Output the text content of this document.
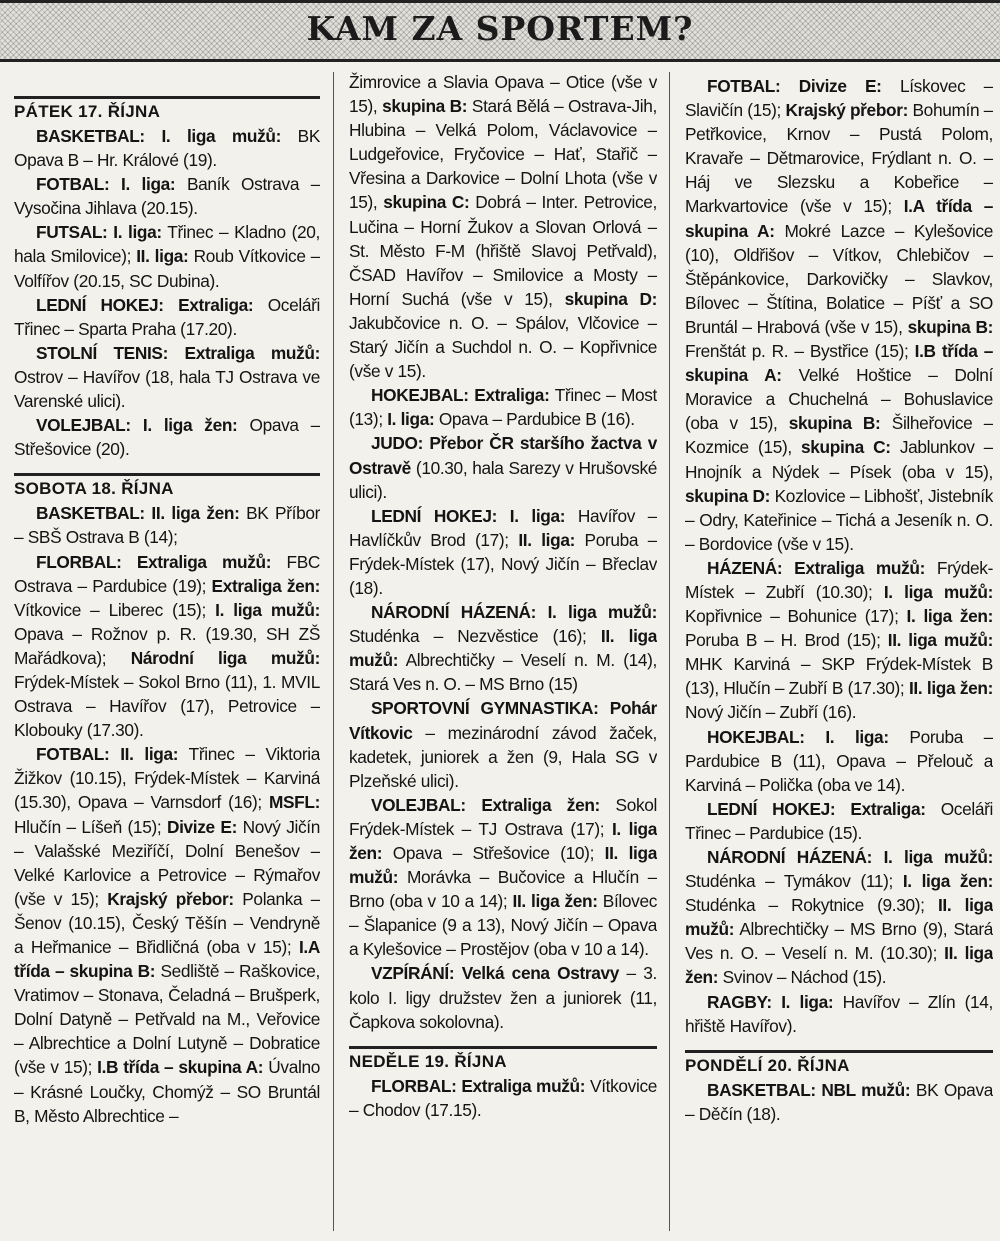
KAM ZA SPORTEM?
PÁTEK 17. ŘÍJNA

BASKETBAL: I. liga mužů: BK Opava B – Hr. Králové (19).

FOTBAL: I. liga: Baník Ostrava – Vysočina Jihlava (20.15).

FUTSAL: I. liga: Třinec – Kladno (20, hala Smilovice); II. liga: Roub Vítkovice – Volfířov (20.15, SC Dubina).

LEDNÍ HOKEJ: Extraliga: Oceláři Třinec – Sparta Praha (17.20).

STOLNÍ TENIS: Extraliga mužů: Ostrov – Havířov (18, hala TJ Ostrava ve Varenské ulici).

VOLEJBAL: I. liga žen: Opava – Střešovice (20).

SOBOTA 18. ŘÍJNA

BASKETBAL: II. liga žen: BK Příbor – SBŠ Ostrava B (14);

FLORBAL: Extraliga mužů: FBC Ostrava – Pardubice (19); Extraliga žen: Vítkovice – Liberec (15); I. liga mužů: Opava – Rožnov p. R. (19.30, SH ZŠ Mařádkova); Národní liga mužů: Frýdek-Místek – Sokol Brno (11), 1. MVIL Ostrava – Havířov (17), Petrovice – Klobouky (17.30).

FOTBAL: II. liga: Třinec – Viktoria Žižkov (10.15), Frýdek-Místek – Karviná (15.30), Opava – Varnsdorf (16); MSFL: Hlučín – Líšeň (15); Divize E: Nový Jičín – Valašské Meziříčí, Dolní Benešov – Velké Karlovice a Petrovice – Rýmařov (vše v 15); Krajský přebor: Polanka – Šenov (10.15), Český Těšín – Vendryně a Heřmanice – Břidličná (oba v 15); I.A třída – skupina B: Sedliště – Raškovice, Vratimov – Stonava, Čeladná – Brušperk, Dolní Datyně – Petřvald na M., Veřovice – Albrechtice a Dolní Lutyně – Dobratice (vše v 15); I.B třída – skupina A: Úvalno – Krásné Loučky, Chomýž – SO Bruntál B, Město Albrechtice –

Žimrovice a Slavia Opava – Otice (vše v 15), skupina B: Stará Bělá – Ostrava-Jih, Hlubina – Velká Polom, Václavovice – Ludgeřovice, Fryčovice – Hať, Stařič – Vřesina a Darkovice – Dolní Lhota (vše v 15), skupina C: Dobrá – Inter. Petrovice, Lučina – Horní Žukov a Slovan Orlová – St. Město F-M (hřiště Slavoj Petřvald), ČSAD Havířov – Smilovice a Mosty – Horní Suchá (vše v 15), skupina D: Jakubčovice n. O. – Spálov, Vlčovice – Starý Jičín a Suchdol n. O. – Kopřivnice (vše v 15).

HOKEJBAL: Extraliga: Třinec – Most (13); I. liga: Opava – Pardubice B (16).

JUDO: Přebor ČR staršího žactva v Ostravě (10.30, hala Sarezy v Hrušovské ulici).

LEDNÍ HOKEJ: I. liga: Havířov – Havlíčkův Brod (17); II. liga: Poruba – Frýdek-Místek (17), Nový Jičín – Břeclav (18).

NÁRODNÍ HÁZENÁ: I. liga mužů: Studénka – Nezvěstice (16); II. liga mužů: Albrechtičky – Veselí n. M. (14), Stará Ves n. O. – MS Brno (15)

SPORTOVNÍ GYMNASTIKA: Pohár Vítkovic – mezinárodní závod žaček, kadetek, juniorek a žen (9, Hala SG v Plzeňské ulici).

VOLEJBAL: Extraliga žen: Sokol Frýdek-Místek – TJ Ostrava (17); I. liga žen: Opava – Střešovice (10); II. liga mužů: Morávka – Bučovice a Hlučín – Brno (oba v 10 a 14); II. liga žen: Bílovec – Šlapanice (9 a 13), Nový Jičín – Opava a Kylešovice – Prostějov (oba v 10 a 14).

VZPÍRÁNÍ: Velká cena Ostravy – 3. kolo I. ligy družstev žen a juniorek (11, Čapkova sokolovna).

NEDĚLE 19. ŘÍJNA

FLORBAL: Extraliga mužů: Vítkovice – Chodov (17.15).

FOTBAL: Divize E: Lískovec – Slavičín (15); Krajský přebor: Bohumín – Petřkovice, Krnov – Pustá Polom, Kravaře – Dětmarovice, Frýdlant n. O. – Háj ve Slezsku a Kobeřice – Markvartovice (vše v 15); I.A třída – skupina A: Mokré Lazce – Kylešovice (10), Oldřišov – Vítkov, Chlebičov – Štěpánkovice, Darkovičky – Slavkov, Bílovec – Štítina, Bolatice – Píšť a SO Bruntál – Hrabová (vše v 15), skupina B: Frenštát p. R. – Bystřice (15); I.B třída – skupina A: Velké Hoštice – Dolní Moravice a Chuchelná – Bohuslavice (oba v 15), skupina B: Šilheřovice – Kozmice (15), skupina C: Jablunkov – Hnojník a Nýdek – Písek (oba v 15), skupina D: Kozlovice – Libhošť, Jistebník – Odry, Kateřinice – Tichá a Jeseník n. O. – Bordovice (vše v 15).

HÁZENÁ: Extraliga mužů: Frýdek-Místek – Zubří (10.30); I. liga mužů: Kopřivnice – Bohunice (17); I. liga žen: Poruba B – H. Brod (15); II. liga mužů: MHK Karviná – SKP Frýdek-Místek B (13), Hlučín – Zubří B (17.30); II. liga žen: Nový Jičín – Zubří (16).

HOKEJBAL: I. liga: Poruba – Pardubice B (11), Opava – Přelouč a Karviná – Polička (oba ve 14).

LEDNÍ HOKEJ: Extraliga: Oceláři Třinec – Pardubice (15).

NÁRODNÍ HÁZENÁ: I. liga mužů: Studénka – Tymákov (11); I. liga žen: Studénka – Rokytnice (9.30); II. liga mužů: Albrechtičky – MS Brno (9), Stará Ves n. O. – Veselí n. M. (10.30); II. liga žen: Svinov – Náchod (15).

RAGBY: I. liga: Havířov – Zlín (14, hřiště Havířov).

PONDĚLÍ 20. ŘÍJNA

BASKETBAL: NBL mužů: BK Opava – Děčín (18).
